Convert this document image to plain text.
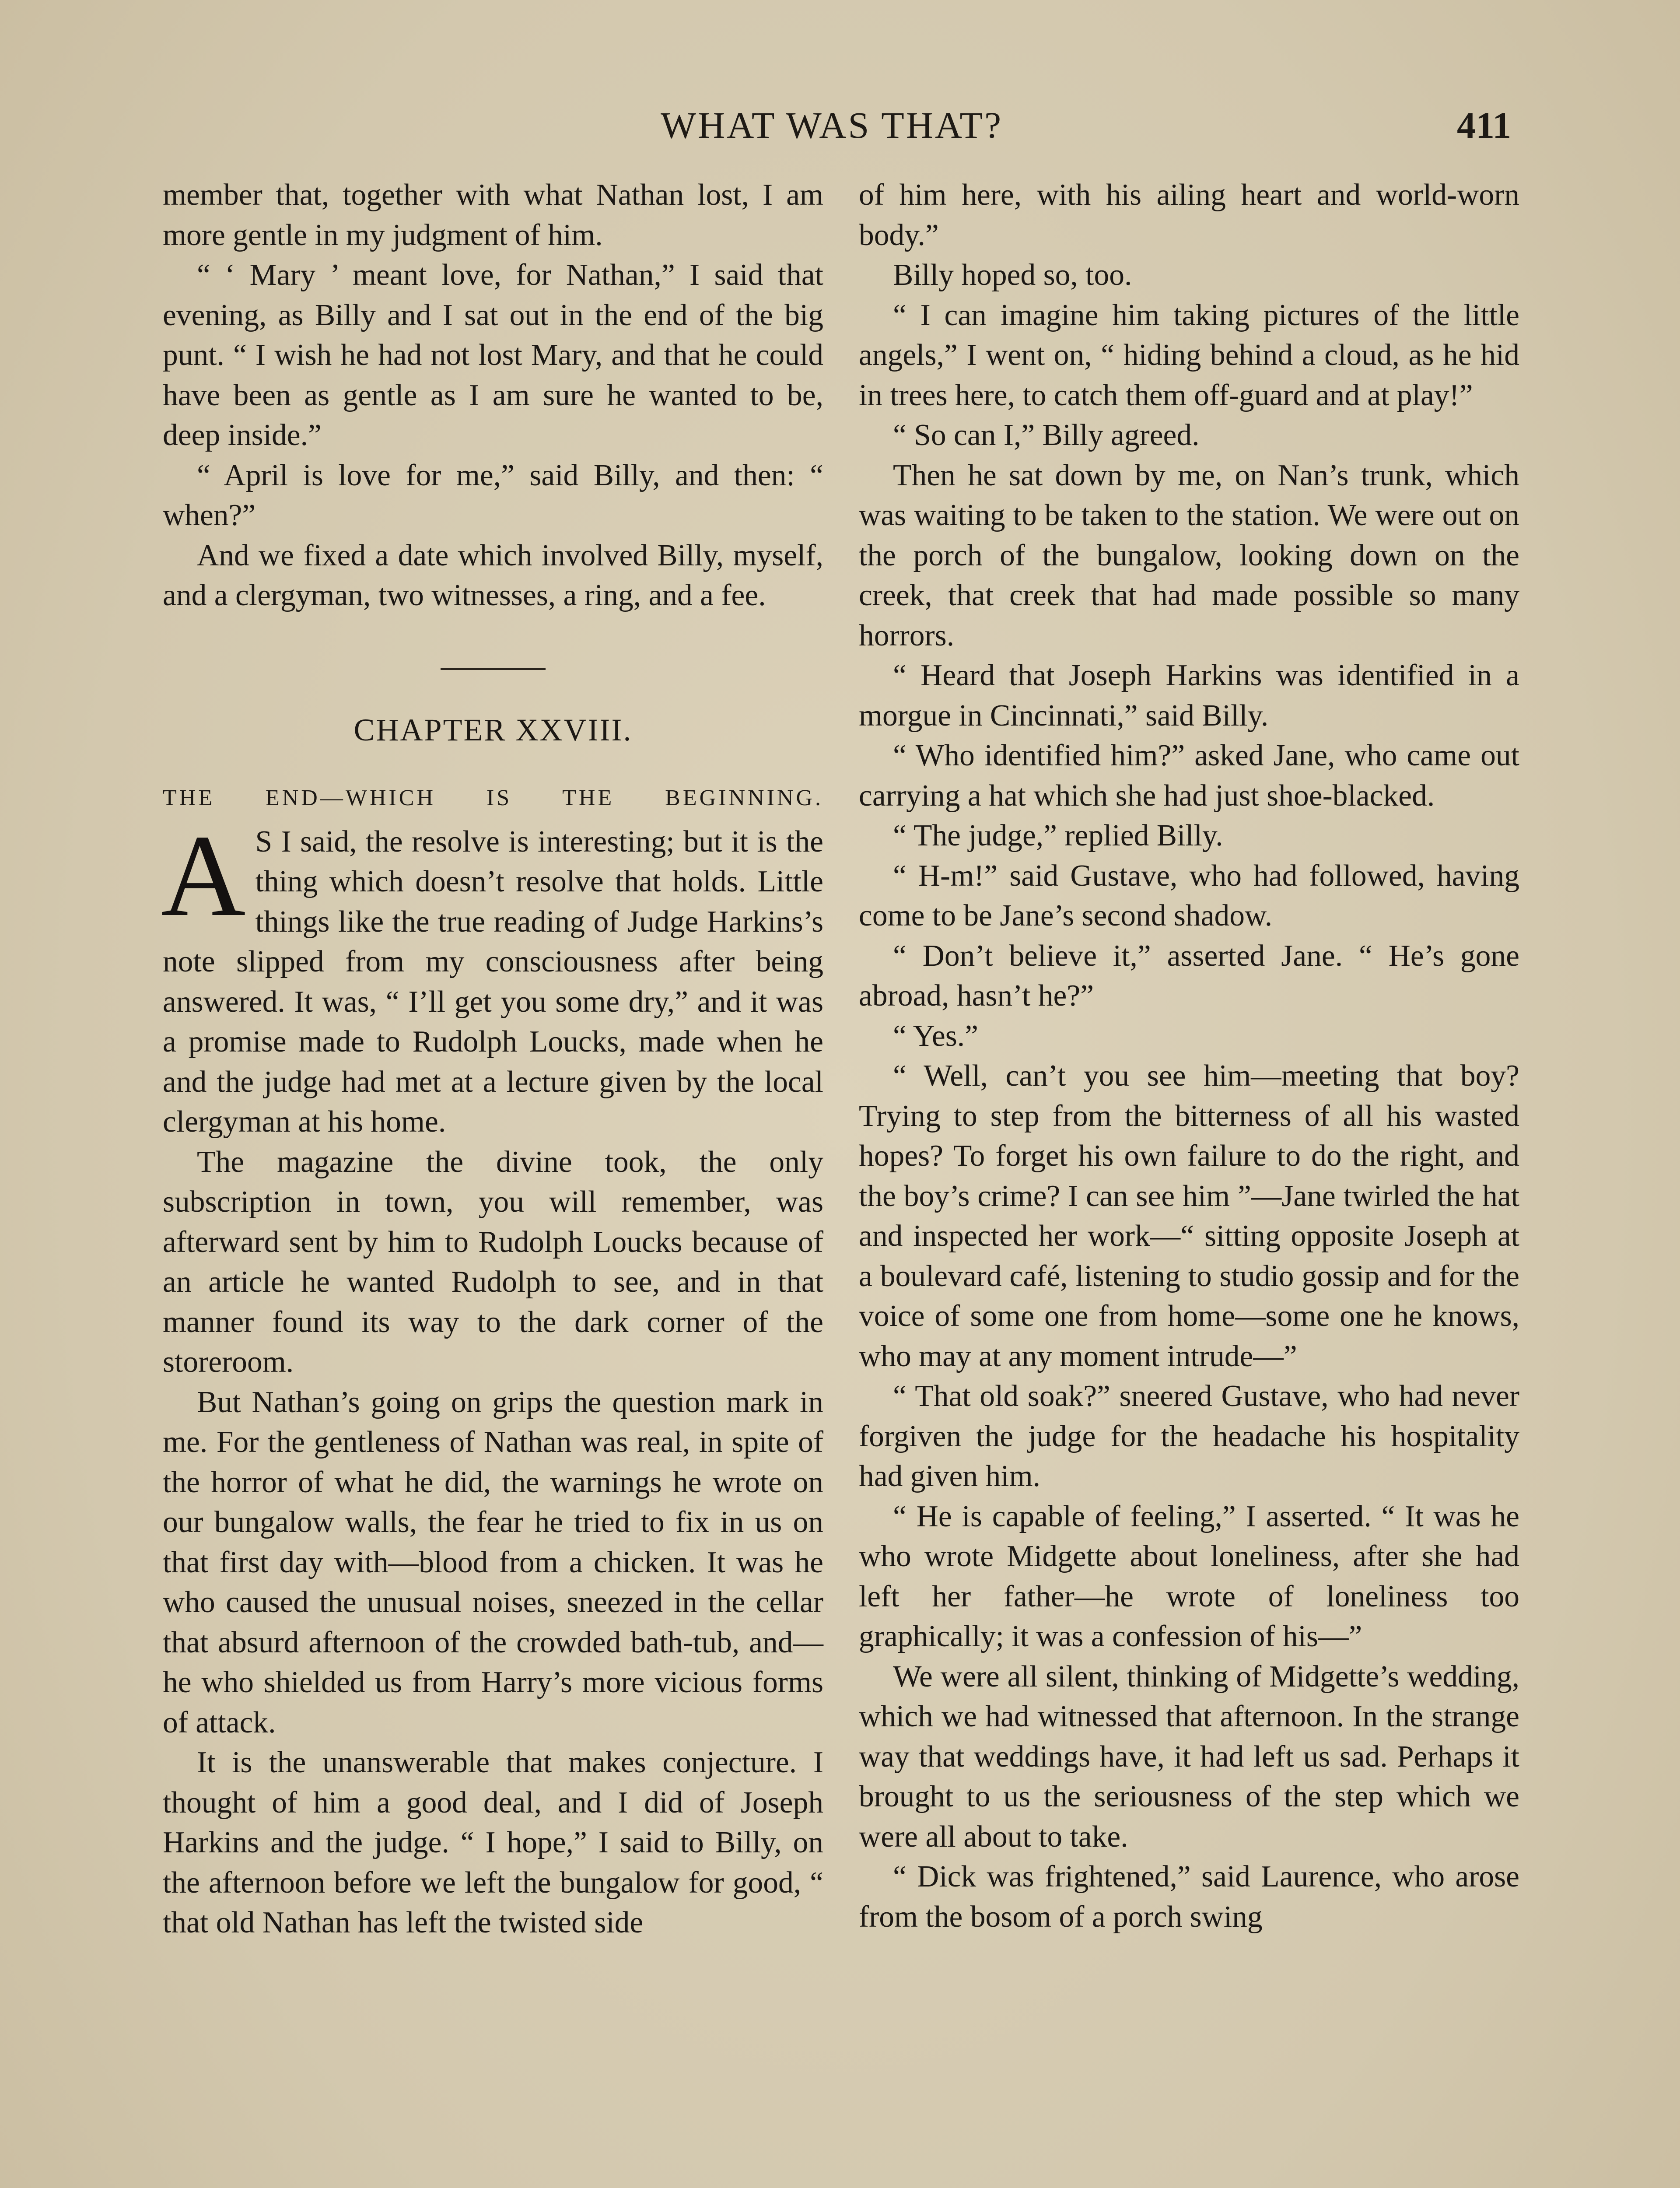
WHAT WAS THAT?	411

member that, together with what Nathan lost, I am more gentle in my judgment of him.

“ ‘ Mary ’ meant love, for Nathan,” I said that evening, as Billy and I sat out in the end of the big punt. “ I wish he had not lost Mary, and that he could have been as gentle as I am sure he wanted to be, deep inside.”

“ April is love for me,” said Billy, and then: “ when?”

And we fixed a date which involved Billy, myself, and a clergyman, two witnesses, a ring, and a fee.

CHAPTER XXVIII.
THE END—WHICH IS THE BEGINNING.

A S I said, the resolve is interesting; but it is the thing which doesn’t resolve that holds. Little things like the true reading of Judge Harkins’s note slipped from my consciousness after being answered. It was, “ I’ll get you some dry,” and it was a promise made to Rudolph Loucks, made when he and the judge had met at a lecture given by the local clergyman at his home.

The magazine the divine took, the only subscription in town, you will remember, was afterward sent by him to Rudolph Loucks because of an article he wanted Rudolph to see, and in that manner found its way to the dark corner of the storeroom.

But Nathan’s going on grips the question mark in me. For the gentleness of Nathan was real, in spite of the horror of what he did, the warnings he wrote on our bungalow walls, the fear he tried to fix in us on that first day with—blood from a chicken. It was he who caused the unusual noises, sneezed in the cellar that absurd afternoon of the crowded bath-tub, and—he who shielded us from Harry’s more vicious forms of attack.

It is the unanswerable that makes conjecture. I thought of him a good deal, and I did of Joseph Harkins and the judge. “ I hope,” I said to Billy, on the afternoon before we left the bungalow for good, “ that old Nathan has left the twisted side

of him here, with his ailing heart and world-worn body.”

Billy hoped so, too.

“ I can imagine him taking pictures of the little angels,” I went on, “ hiding behind a cloud, as he hid in trees here, to catch them off-guard and at play!”

“ So can I,” Billy agreed.

Then he sat down by me, on Nan’s trunk, which was waiting to be taken to the station. We were out on the porch of the bungalow, looking down on the creek, that creek that had made possible so many horrors.

“ Heard that Joseph Harkins was identified in a morgue in Cincinnati,” said Billy.

“ Who identified him?” asked Jane, who came out carrying a hat which she had just shoe-blacked.

“ The judge,” replied Billy.

“ H-m!” said Gustave, who had followed, having come to be Jane’s second shadow.

“ Don’t believe it,” asserted Jane. “ He’s gone abroad, hasn’t he?”

“ Yes.”

“ Well, can’t you see him—meeting that boy? Trying to step from the bitterness of all his wasted hopes? To forget his own failure to do the right, and the boy’s crime? I can see him ”—Jane twirled the hat and inspected her work—“ sitting opposite Joseph at a boulevard café, listening to studio gossip and for the voice of some one from home—some one he knows, who may at any moment intrude—”

“ That old soak?” sneered Gustave, who had never forgiven the judge for the headache his hospitality had given him.

“ He is capable of feeling,” I asserted. “ It was he who wrote Midgette about loneliness, after she had left her father—he wrote of loneliness too graphically; it was a confession of his—”

We were all silent, thinking of Midgette’s wedding, which we had witnessed that afternoon. In the strange way that weddings have, it had left us sad. Perhaps it brought to us the seriousness of the step which we were all about to take.

“ Dick was frightened,” said Laurence, who arose from the bosom of a porch swing
